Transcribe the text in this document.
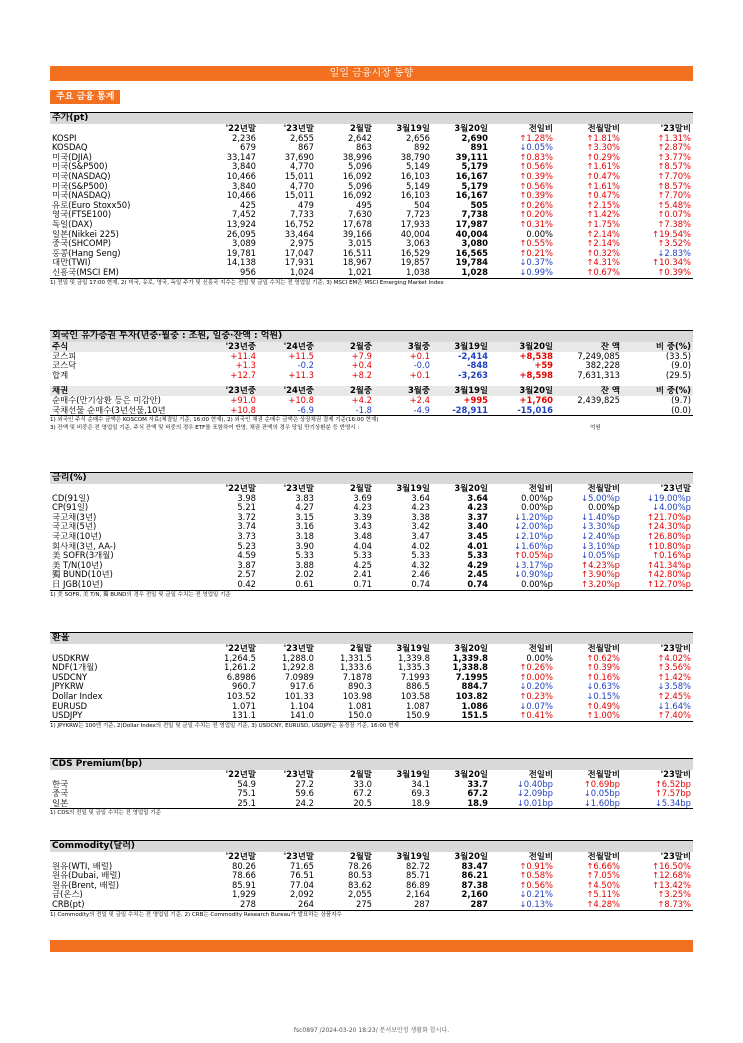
일일 금융시장 동향
주요 금융 통계
주가(pt)
	'22년말	'23년말	2월말	3월19일	3월20일	전일비	전월말비	'23말비
KOSPI	2,236	2,655	2,642	2,656	2,690	↑1.28%	↑1.81%	↑1.31%
KOSDAQ	679	867	863	892	891	↓0.05%	↑3.30%	↑2.87%
미국(DJIA)	33,147	37,690	38,996	38,790	39,111	↑0.83%	↑0.29%	↑3.77%
미국(S&P500)	3,840	4,770	5,096	5,149	5,179	↑0.56%	↑1.61%	↑8.57%
미국(NASDAQ)	10,466	15,011	16,092	16,103	16,167	↑0.39%	↑0.47%	↑7.70%
미국(S&P500)	3,840	4,770	5,096	5,149	5,179	↑0.56%	↑1.61%	↑8.57%
미국(NASDAQ)	10,466	15,011	16,092	16,103	16,167	↑0.39%	↑0.47%	↑7.70%
유로(Euro Stoxx50)	425	479	495	504	505	↑0.26%	↑2.15%	↑5.48%
영국(FTSE100)	7,452	7,733	7,630	7,723	7,738	↑0.20%	↑1.42%	↑0.07%
독일(DAX)	13,924	16,752	17,678	17,933	17,987	↑0.31%	↑1.75%	↑7.38%
일본(Nikkei 225)	26,095	33,464	39,166	40,004	40,004	0.00%	↑2.14%	↑19.54%
중국(SHCOMP)	3,089	2,975	3,015	3,063	3,080	↑0.55%	↑2.14%	↑3.52%
홍콩(Hang Seng)	19,781	17,047	16,511	16,529	16,565	↑0.21%	↑0.32%	↓2.83%
대만(TWI)	14,138	17,931	18,967	19,857	19,784	↓0.37%	↑4.31%	↑10.34%
신흥국(MSCI EM)	956	1,024	1,021	1,038	1,028	↓0.99%	↑0.67%	↑0.39%
1) 전일 및 금일 17:00 현재, 2) 미국, 유로, 영국, 독일 주가 및 신흥국 지수는 전일 및 금일 수치는 전 영업일 기준, 3) MSCI EM은 MSCI Emerging Market Index
외국인 유가증권 투자(년중·월중 : 조원, 일중·잔액 : 억원)
주식	'23년중	'24년중	2월중	3월중	3월19일	3월20일	잔 액	비 중(%)
코스피	+11.4	+11.5	+7.9	+0.1	-2,414	+8,538	7,249,085	(33.5)
코스닥	+1.3	-0.2	+0.4	-0.0	-848	+59	382,228	(9.0)
합계	+12.7	+11.3	+8.2	+0.1	-3,263	+8,598	7,631,313	(29.5)
채권	'23년중	'24년중	2월중	3월중	3월19일	3월20일	잔 액	비 중(%)
순매수(만기상환 등은 미감안)	+91.0	+10.8	+4.2	+2.4	+995	+1,760	2,439,825	(9.7)
국채선물 순매수(3년선물,10년	+10.8	-6.9	-1.8	-4.9	-28,911	-15,016		(0.0)
1) 외국인 주식 순매수 금액은 KOSCOM 자료(체결일 기준, 16:00 현재), 2) 외국인 채권 순매수 금액은 상장채권 결제 기준(16:00 현재)
3) 잔액 및 비중은 전 영업일 기준, 주식 잔액 및 비중의 경우 ETF를 포함하여 반영, 채권 잔액의 경우 당일 만기상환분 등 반영시 :	억원
금리(%)
	'22년말	'23년말	2월말	3월19일	3월20일	전일비	전월말비	'23년말
CD(91일)	3.98	3.83	3.69	3.64	3.64	0.00%p	↓5.00%p	↓19.00%p
CP(91일)	5.21	4.27	4.23	4.23	4.23	0.00%p	0.00%p	↓4.00%p
국고채(3년)	3.72	3.15	3.39	3.38	3.37	↓1.20%p	↓1.40%p	↑21.70%p
국고채(5년)	3.74	3.16	3.43	3.42	3.40	↓2.00%p	↓3.30%p	↑24.30%p
국고채(10년)	3.73	3.18	3.48	3.47	3.45	↓2.10%p	↓2.40%p	↑26.80%p
회사채(3년, AA-)	5.23	3.90	4.04	4.02	4.01	↓1.60%p	↓3.10%p	↑10.80%p
美 SOFR(3개월)	4.59	5.33	5.33	5.33	5.33	↑0.05%p	↓0.05%p	↑0.16%p
美 T/N(10년)	3.87	3.88	4.25	4.32	4.29	↓3.17%p	↑4.23%p	↑41.34%p
獨 BUND(10년)	2.57	2.02	2.41	2.46	2.45	↓0.90%p	↑3.90%p	↑42.80%p
日 JGB(10년)	0.42	0.61	0.71	0.74	0.74	0.00%p	↑3.20%p	↑12.70%p
1) 美 SOFR, 美 T/N, 獨 BUND의 경우 전일 및 금일 수치는 전 영업일 기준
환율
	'22년말	'23년말	2월말	3월19일	3월20일	전일비	전월말비	'23말비
USDKRW	1,264.5	1,288.0	1,331.5	1,339.8	1,339.8	0.00%	↑0.62%	↑4.02%
NDF(1개월)	1,261.2	1,292.8	1,333.6	1,335.3	1,338.8	↑0.26%	↑0.39%	↑3.56%
USDCNY	6.8986	7.0989	7.1878	7.1993	7.1995	↑0.00%	↑0.16%	↑1.42%
JPYKRW	960.7	917.6	890.3	886.5	884.7	↓0.20%	↓0.63%	↓3.58%
Dollar Index	103.52	101.33	103.98	103.58	103.82	↑0.23%	↓0.15%	↑2.45%
EURUSD	1.071	1.104	1.081	1.087	1.086	↓0.07%	↑0.49%	↓1.64%
USDJPY	131.1	141.0	150.0	150.9	151.5	↑0.41%	↑1.00%	↑7.40%
1) JPYKRW는 100엔 기준, 2)Dollar Index의 전일 및 금일 수치는 전 영업일 기준, 3) USDCNY, EURUSD, USDJPY는 동경장 기준, 16:00 현재
CDS Premium(bp)
	'22년말	'23년말	2월말	3월19일	3월20일	전일비	전월말비	'23말비
한국	54.9	27.2	33.0	34.1	33.7	↓0.40bp	↑0.69bp	↑6.52bp
중국	75.1	59.6	67.2	69.3	67.2	↓2.09bp	↓0.05bp	↑7.57bp
일본	25.1	24.2	20.5	18.9	18.9	↓0.01bp	↓1.60bp	↓5.34bp
1) CDS의 전일 및 금일 수치는 전 영업일 기준
Commodity(달러)
	'22년말	'23년말	2월말	3월19일	3월20일	전일비	전월말비	'23말비
원유(WTI, 배럴)	80.26	71.65	78.26	82.72	83.47	↑0.91%	↑6.66%	↑16.50%
원유(Dubai, 배럴)	78.66	76.51	80.53	85.71	86.21	↑0.58%	↑7.05%	↑12.68%
원유(Brent, 배럴)	85.91	77.04	83.62	86.89	87.38	↑0.56%	↑4.50%	↑13.42%
금(온스)	1,929	2,092	2,055	2,164	2,160	↓0.21%	↑5.11%	↑3.25%
CRB(pt)	278	264	275	287	287	↓0.13%	↑4.28%	↑8.73%
1) Commodity의 전일 및 금일 수치는 전 영업일 기준, 2) CRB는 Commodity Research Bureau가 발표하는 상품지수
fsc0897 /2024-03-20 18:23/ 문서보안정 생활화 합시다.
